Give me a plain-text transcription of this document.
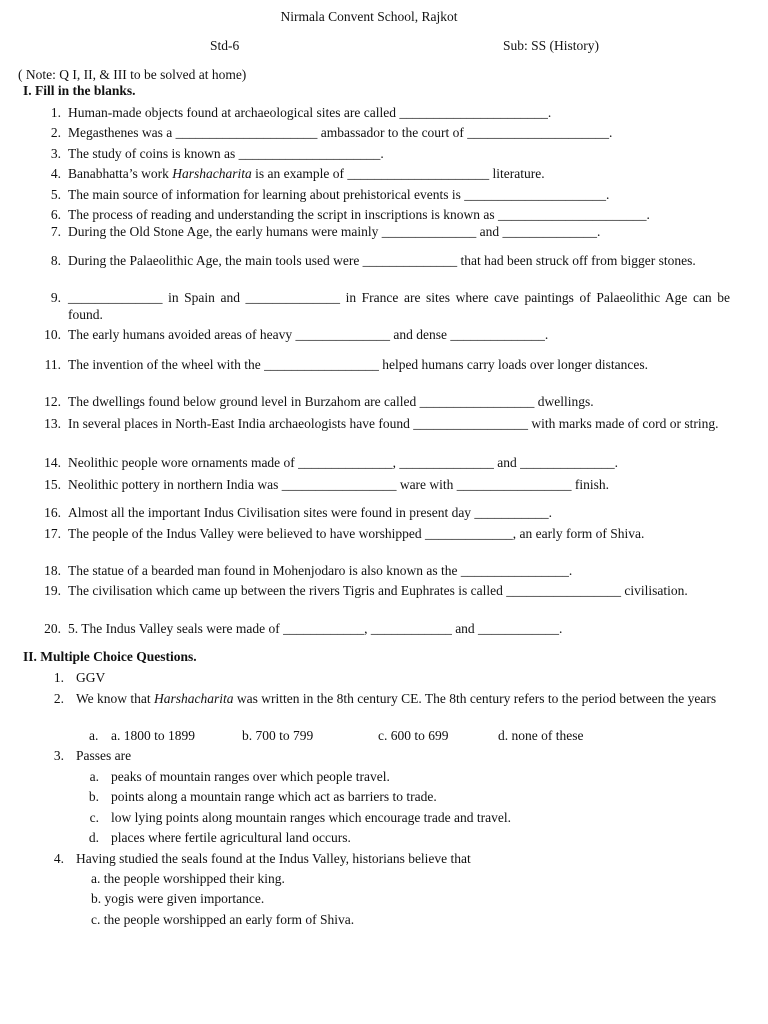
Nirmala Convent School, Rajkot
Std-6	Sub: SS (History)
( Note: Q I, II, & III to be solved at home)
I. Fill in the blanks.
1. Human-made objects found at archaeological sites are called ______________________.
2. Megasthenes was a _____________________ ambassador to the court of _____________________.
3. The study of coins is known as _____________________.
4. Banabhatta’s work Harshacharita is an example of _____________________ literature.
5. The main source of information for learning about prehistorical events is _____________________.
6. The process of reading and understanding the script in inscriptions is known as ______________________.
7. During the Old Stone Age, the early humans were mainly ______________ and ______________.
8. During the Palaeolithic Age, the main tools used were ______________ that had been struck off from bigger stones.
9. ______________ in Spain and ______________ in France are sites where cave paintings of Palaeolithic Age can be found.
10. The early humans avoided areas of heavy ______________ and dense ______________.
11. The invention of the wheel with the _________________ helped humans carry loads over longer distances.
12. The dwellings found below ground level in Burzahom are called _________________ dwellings.
13. In several places in North-East India archaeologists have found _________________ with marks made of cord or string.
14. Neolithic people wore ornaments made of ______________, ______________ and ______________.
15. Neolithic pottery in northern India was _________________ ware with _________________ finish.
16. Almost all the important Indus Civilisation sites were found in present day ___________.
17. The people of the Indus Valley were believed to have worshipped _____________, an early form of Shiva.
18. The statue of a bearded man found in Mohenjodaro is also known as the ________________.
19. The civilisation which came up between the rivers Tigris and Euphrates is called _________________ civilisation.
20. 5. The Indus Valley seals were made of ____________, ____________ and ____________.
II. Multiple Choice Questions.
1. GGV
2. We know that Harshacharita was written in the 8th century CE. The 8th century refers to the period between the years
a. a. 1800 to 1899	b. 700 to 799	c. 600 to 699	d. none of these
3. Passes are
a. peaks of mountain ranges over which people travel.
b. points along a mountain range which act as barriers to trade.
c. low lying points along mountain ranges which encourage trade and travel.
d. places where fertile agricultural land occurs.
4. Having studied the seals found at the Indus Valley, historians believe that
a. the people worshipped their king.
b. yogis were given importance.
c. the people worshipped an early form of Shiva.
